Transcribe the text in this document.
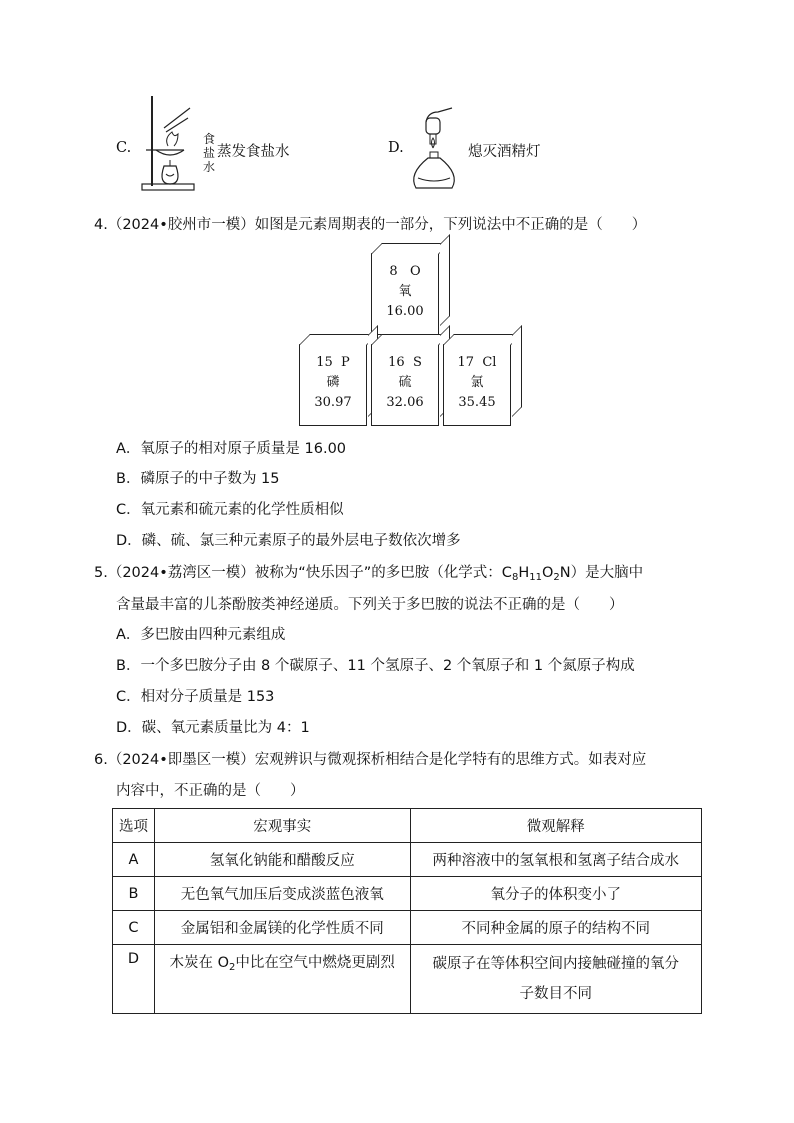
C.
食
盐
水
蒸发食盐水	D.	熄灭酒精灯
4.（2024•胶州市一模）如图是元素周期表的一部分，下列说法中不正确的是（　　）
8 O
氧
16.00
15 P
磷
30.97
16 S
硫
32.06
17 Cl
氯
35.45
A．氧原子的相对原子质量是 16.00
B．磷原子的中子数为 15
C．氧元素和硫元素的化学性质相似
D．磷、硫、氯三种元素原子的最外层电子数依次增多
5.（2024•荔湾区一模）被称为“快乐因子”的多巴胺（化学式：$C_8H_{11}O_2N$）是大脑中
含量最丰富的儿茶酚胺类神经递质。下列关于多巴胺的说法不正确的是（　　）
A．多巴胺由四种元素组成
B．一个多巴胺分子由 8 个碳原子、11 个氢原子、2 个氧原子和 1 个氮原子构成
C．相对分子质量是 153
D．碳、氧元素质量比为 4：1
6.（2024•即墨区一模）宏观辨识与微观探析相结合是化学特有的思维方式。如表对应
内容中，不正确的是（　　）
选项	宏观事实	微观解释
A	氢氧化钠能和醋酸反应	两种溶液中的氢氧根和氢离子结合成水
B	无色氧气加压后变成淡蓝色液氧	氧分子的体积变小了
C	金属铝和金属镁的化学性质不同	不同种金属的原子的结构不同
D	木炭在 $O_2$中比在空气中燃烧更剧烈	碳原子在等体积空间内接触碰撞的氧分
子数目不同
